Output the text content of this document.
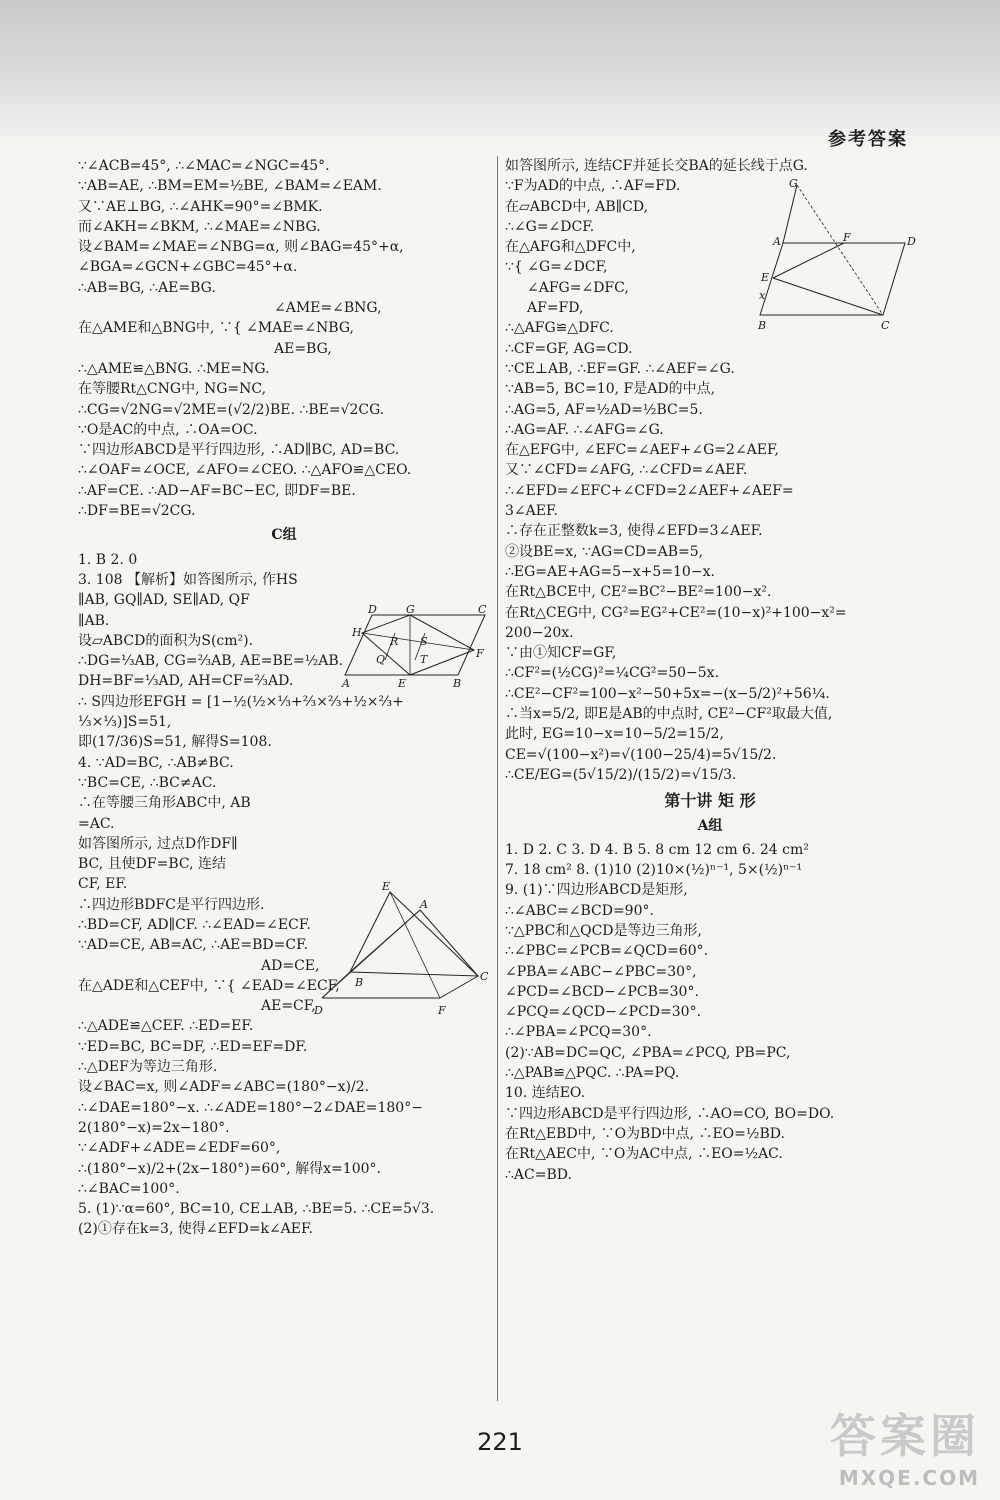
参考答案
∵∠ACB=45°, ∴∠MAC=∠NGC=45°.
∵AB=AE, ∴BM=EM=½BE, ∠BAM=∠EAM.
又∵AE⊥BG, ∴∠AHK=90°=∠BMK.
而∠AKH=∠BKM, ∴∠MAE=∠NBG.
设∠BAM=∠MAE=∠NBG=α, 则∠BAG=45°+α,
∠BGA=∠GCN+∠GBC=45°+α.
∴AB=BG, ∴AE=BG.
∠AME=∠BNG,
在△AME和△BNG中, ∵{ ∠MAE=∠NBG,
AE=BG,
∴△AME≌△BNG. ∴ME=NG.
在等腰Rt△CNG中, NG=NC,
∴CG=√2NG=√2ME=(√2/2)BE. ∴BE=√2CG.
∵O是AC的中点, ∴OA=OC.
∵四边形ABCD是平行四边形, ∴AD∥BC, AD=BC.
∴∠OAF=∠OCE, ∠AFO=∠CEO. ∴△AFO≌△CEO.
∴AF=CE. ∴AD−AF=BC−EC, 即DF=BE.
∴DF=BE=√2CG.
C组
1. B 2. 0
3. 108 【解析】如答图所示, 作HS
∥AB, GQ∥AD, SE∥AD, QF
∥AB.
设▱ABCD的面积为S(cm²).
∴DG=⅓AB, CG=⅔AB, AE=BE=½AB.
DH=BF=⅓AD, AH=CF=⅔AD.
∴ S四边形EFGH = [1−½(½×⅓+⅔×⅔+½×⅔+
⅓×⅓)]S=51,
即(17/36)S=51, 解得S=108.
4. ∵AD=BC, ∴AB≠BC.
∵BC=CE, ∴BC≠AC.
∴在等腰三角形ABC中, AB
=AC.
如答图所示, 过点D作DF∥
BC, 且使DF=BC, 连结
CF, EF.
∴四边形BDFC是平行四边形.
∴BD=CF, AD∥CF. ∴∠EAD=∠ECF.
∵AD=CE, AB=AC, ∴AE=BD=CF.
AD=CE,
在△ADE和△CEF中, ∵{ ∠EAD=∠ECF,
AE=CF,
∴△ADE≌△CEF. ∴ED=EF.
∵ED=BC, BC=DF, ∴ED=EF=DF.
∴△DEF为等边三角形.
设∠BAC=x, 则∠ADF=∠ABC=(180°−x)/2.
∴∠DAE=180°−x. ∴∠ADE=180°−2∠DAE=180°−
2(180°−x)=2x−180°.
∵∠ADF+∠ADE=∠EDF=60°,
∴(180°−x)/2+(2x−180°)=60°, 解得x=100°.
∴∠BAC=100°.
5. (1)∵α=60°, BC=10, CE⊥AB, ∴BE=5. ∴CE=5√3.
(2)①存在k=3, 使得∠EFD=k∠AEF.
如答图所示, 连结CF并延长交BA的延长线于点G.
∵F为AD的中点, ∴AF=FD.
在▱ABCD中, AB∥CD,
∴∠G=∠DCF.
在△AFG和△DFC中,
∵{ ∠G=∠DCF,
∠AFG=∠DFC,
AF=FD,
∴△AFG≌△DFC.
∴CF=GF, AG=CD.
∵CE⊥AB, ∴EF=GF. ∴∠AEF=∠G.
∵AB=5, BC=10, F是AD的中点,
∴AG=5, AF=½AD=½BC=5.
∴AG=AF. ∴∠AFG=∠G.
在△EFG中, ∠EFC=∠AEF+∠G=2∠AEF,
又∵∠CFD=∠AFG, ∴∠CFD=∠AEF.
∴∠EFD=∠EFC+∠CFD=2∠AEF+∠AEF=
3∠AEF.
∴存在正整数k=3, 使得∠EFD=3∠AEF.
②设BE=x, ∵AG=CD=AB=5,
∴EG=AE+AG=5−x+5=10−x.
在Rt△BCE中, CE²=BC²−BE²=100−x².
在Rt△CEG中, CG²=EG²+CE²=(10−x)²+100−x²=
200−20x.
∵由①知CF=GF,
∴CF²=(½CG)²=¼CG²=50−5x.
∴CE²−CF²=100−x²−50+5x=−(x−5/2)²+56¼.
∴当x=5/2, 即E是AB的中点时, CE²−CF²取最大值,
此时, EG=10−x=10−5/2=15/2,
CE=√(100−x²)=√(100−25/4)=5√15/2.
∴CE/EG=(5√15/2)/(15/2)=√15/3.
第十讲 矩 形
A组
1. D 2. C 3. D 4. B 5. 8 cm 12 cm 6. 24 cm²
7. 18 cm² 8. (1)10 (2)10×(½)ⁿ⁻¹, 5×(½)ⁿ⁻¹
9. (1)∵四边形ABCD是矩形,
∴∠ABC=∠BCD=90°.
∵△PBC和△QCD是等边三角形,
∴∠PBC=∠PCB=∠QCD=60°.
∠PBA=∠ABC−∠PBC=30°,
∠PCD=∠BCD−∠PCB=30°.
∠PCQ=∠QCD−∠PCD=30°.
∴∠PBA=∠PCQ=30°.
(2)∵AB=DC=QC, ∠PBA=∠PCQ, PB=PC,
∴△PAB≌△PQC. ∴PA=PQ.
10. 连结EO.
∵四边形ABCD是平行四边形, ∴AO=CO, BO=DO.
在Rt△EBD中, ∵O为BD中点, ∴EO=½BD.
在Rt△AEC中, ∵O为AC中点, ∴EO=½AC.
∴AC=BD.
D	G	C
H
R S
Q	T	F
A	E	B
E
A
B	C
D	F
G
A	F	D
E
x
B	C
221	答案圈
MXQE.COM
